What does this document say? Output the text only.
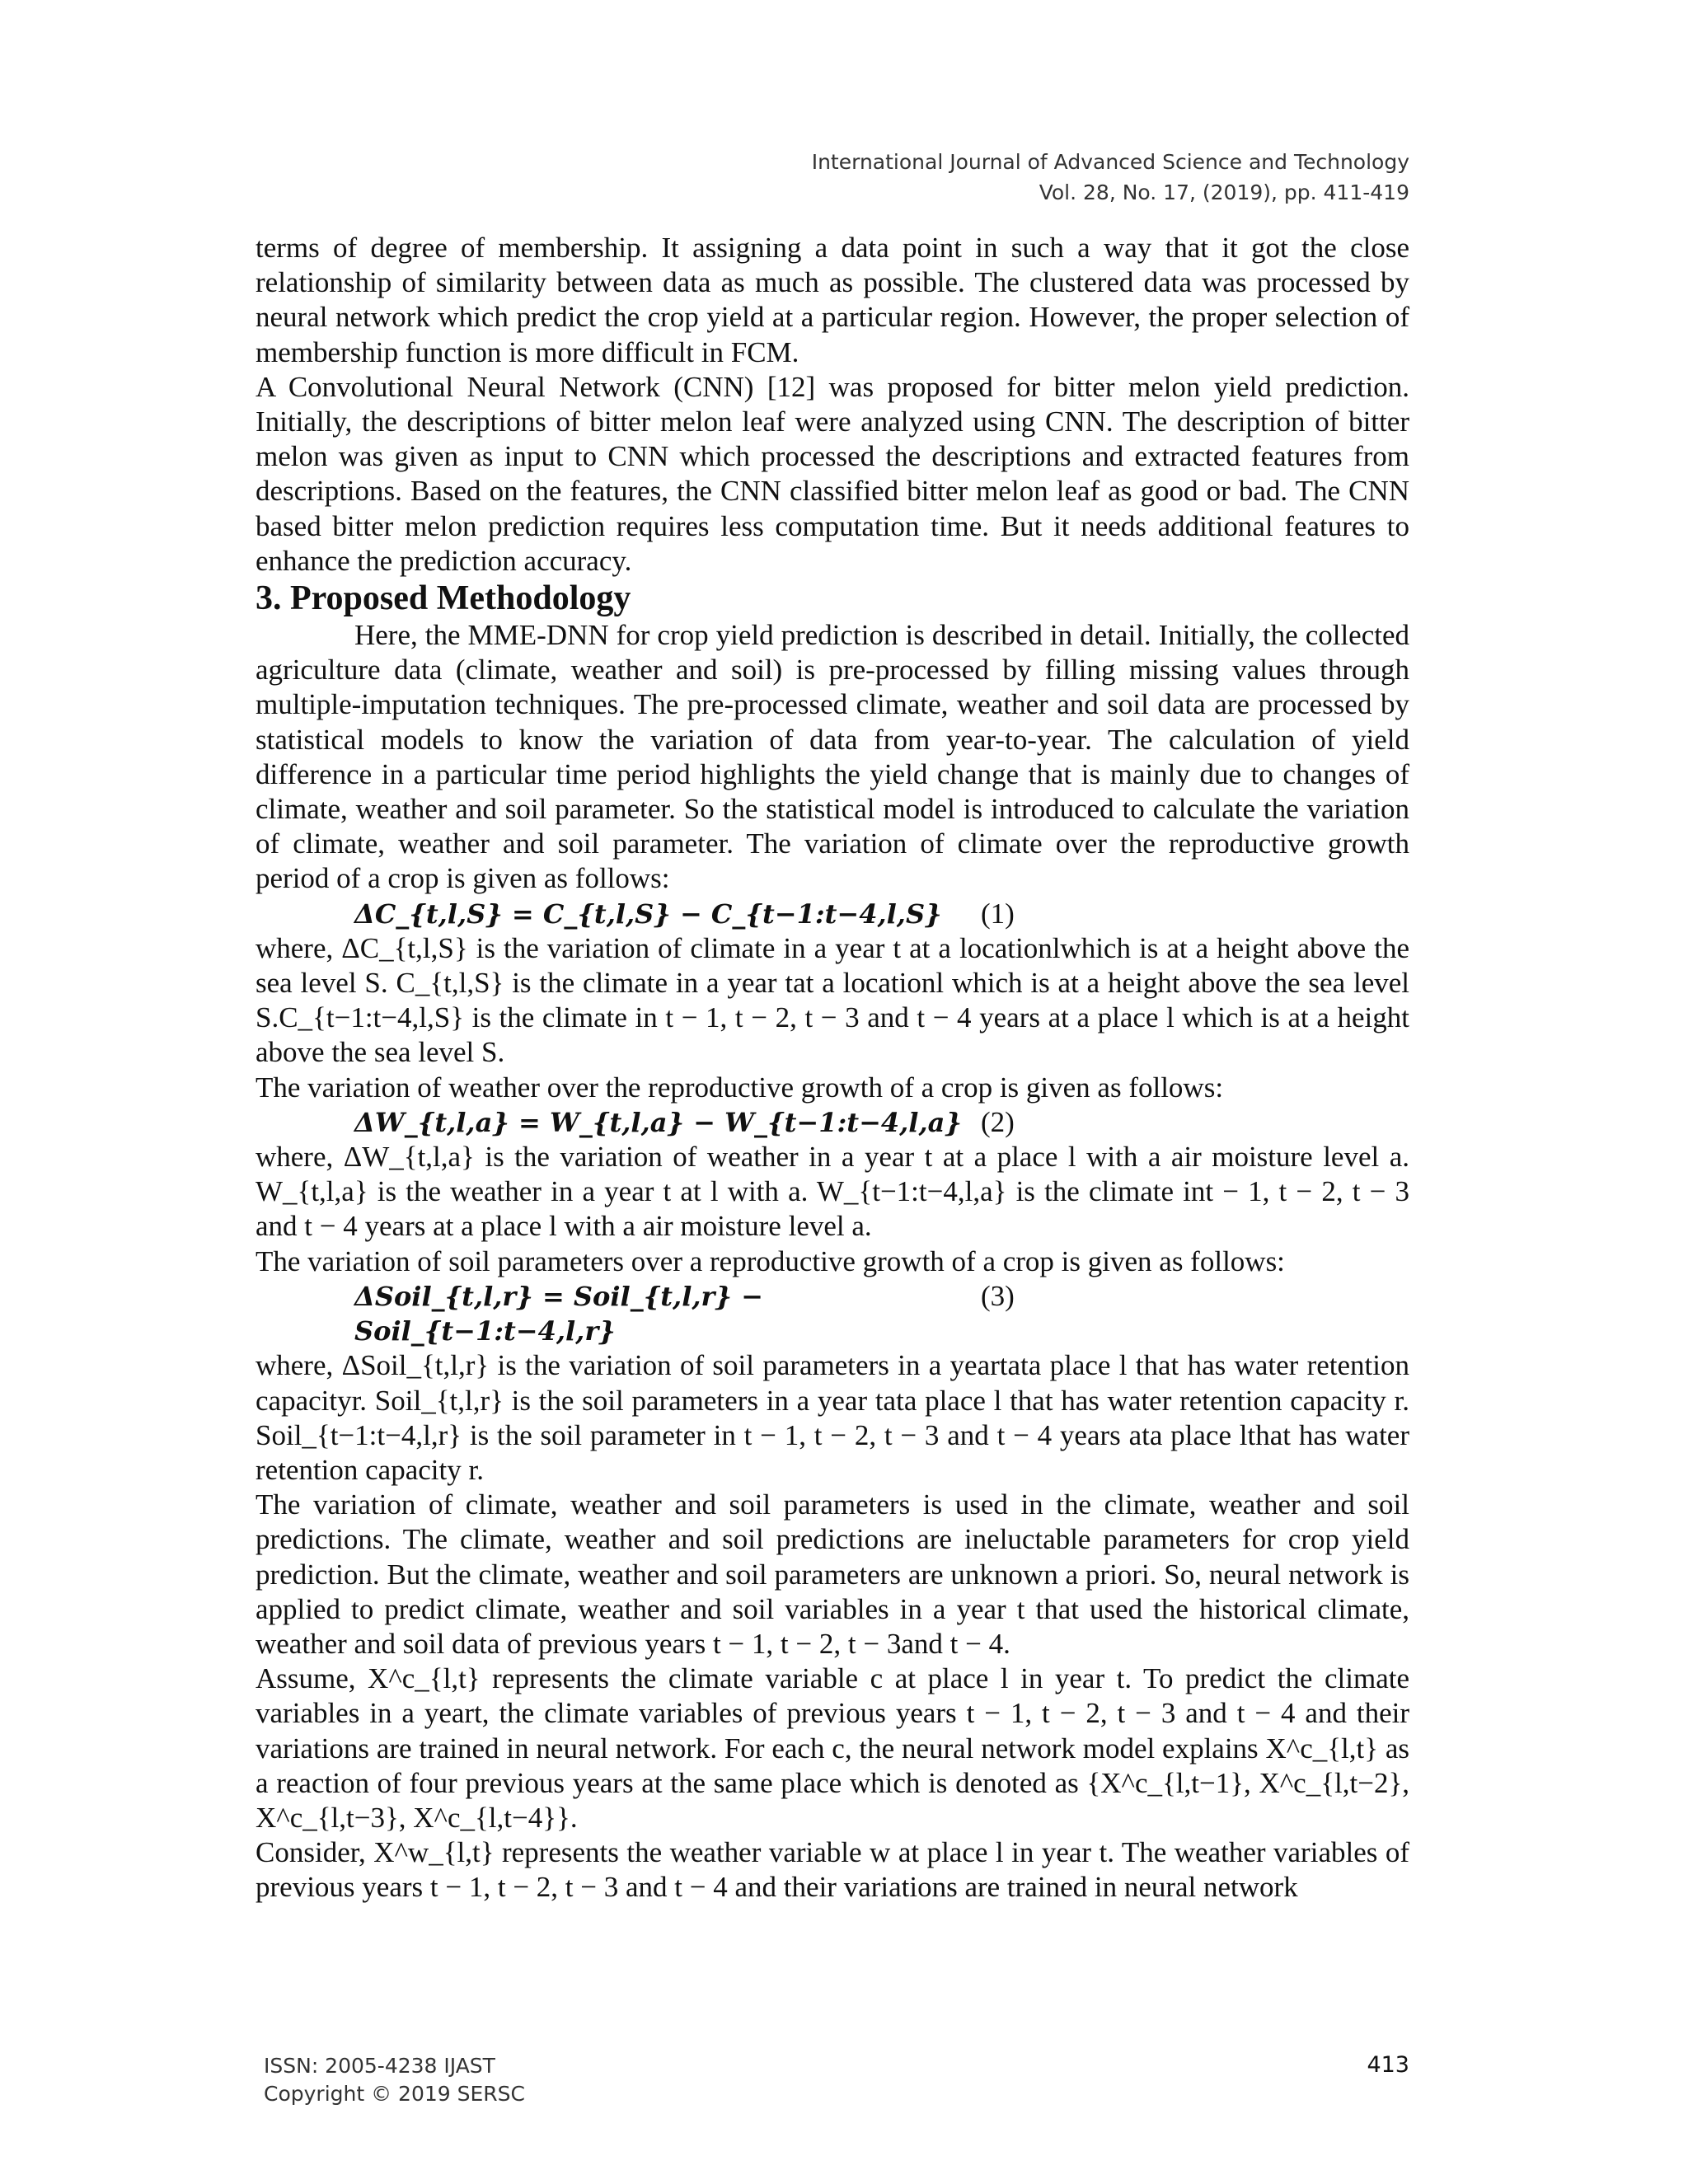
International Journal of Advanced Science and Technology
Vol. 28, No. 17, (2019), pp. 411-419

terms of degree of membership. It assigning a data point in such a way that it got the close relationship of similarity between data as much as possible. The clustered data was processed by neural network which predict the crop yield at a particular region. However, the proper selection of membership function is more difficult in FCM.

A Convolutional Neural Network (CNN) [12] was proposed for bitter melon yield prediction. Initially, the descriptions of bitter melon leaf were analyzed using CNN. The description of bitter melon was given as input to CNN which processed the descriptions and extracted features from descriptions. Based on the features, the CNN classified bitter melon leaf as good or bad. The CNN based bitter melon prediction requires less computation time. But it needs additional features to enhance the prediction accuracy.

3. Proposed Methodology

Here, the MME-DNN for crop yield prediction is described in detail. Initially, the collected agriculture data (climate, weather and soil) is pre-processed by filling missing values through multiple-imputation techniques. The pre-processed climate, weather and soil data are processed by statistical models to know the variation of data from year-to-year. The calculation of yield difference in a particular time period highlights the yield change that is mainly due to changes of climate, weather and soil parameter. So the statistical model is introduced to calculate the variation of climate, weather and soil parameter. The variation of climate over the reproductive growth period of a crop is given as follows:

ΔC_{t,l,S} = C_{t,l,S} − C_{t−1:t−4,l,S}	(1)

where, ΔC_{t,l,S} is the variation of climate in a year t at a locationlwhich is at a height above the sea level S. C_{t,l,S} is the climate in a year tat a locationl which is at a height above the sea level S.C_{t−1:t−4,l,S} is the climate in t − 1, t − 2, t − 3 and t − 4 years at a place l which is at a height above the sea level S.

The variation of weather over the reproductive growth of a crop is given as follows:

ΔW_{t,l,a} = W_{t,l,a} − W_{t−1:t−4,l,a} (2)

where, ΔW_{t,l,a} is the variation of weather in a year t at a place l with a air moisture level a. W_{t,l,a} is the weather in a year t at l with a. W_{t−1:t−4,l,a} is the climate int − 1, t − 2, t − 3 and t − 4 years at a place l with a air moisture level a.

The variation of soil parameters over a reproductive growth of a crop is given as follows:

ΔSoil_{t,l,r} = Soil_{t,l,r} − Soil_{t−1:t−4,l,r}
(3)

where, ΔSoil_{t,l,r} is the variation of soil parameters in a yeartata place l that has water retention capacityr. Soil_{t,l,r} is the soil parameters in a year tata place l that has water retention capacity r. Soil_{t−1:t−4,l,r} is the soil parameter in t − 1, t − 2, t − 3 and t − 4 years ata place lthat has water retention capacity r.

The variation of climate, weather and soil parameters is used in the climate, weather and soil predictions. The climate, weather and soil predictions are ineluctable parameters for crop yield prediction. But the climate, weather and soil parameters are unknown a priori. So, neural network is applied to predict climate, weather and soil variables in a year t that used the historical climate, weather and soil data of previous years t − 1, t − 2, t − 3and t − 4.

Assume, X^c_{l,t} represents the climate variable c at place l in year t. To predict the climate variables in a yeart, the climate variables of previous years t − 1, t − 2, t − 3 and t − 4 and their variations are trained in neural network. For each c, the neural network model explains X^c_{l,t} as a reaction of four previous years at the same place which is denoted as {X^c_{l,t−1}, X^c_{l,t−2}, X^c_{l,t−3}, X^c_{l,t−4}}.

Consider, X^w_{l,t} represents the weather variable w at place l in year t. The weather variables of previous years t − 1, t − 2, t − 3 and t − 4 and their variations are trained in neural network

ISSN: 2005-4238 IJAST
Copyright © 2019 SERSC
413
